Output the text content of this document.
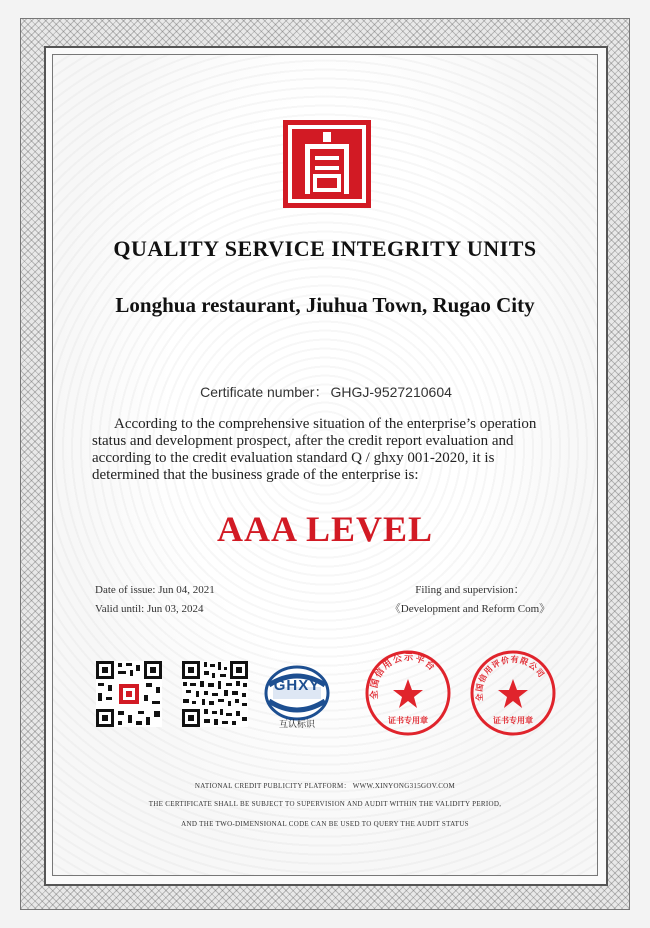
QUALITY SERVICE INTEGRITY UNITS
Longhua restaurant, Jiuhua Town, Rugao City
Certificate number： GHGJ-9527210604

According to the comprehensive situation of the enterprise’s operation status and development prospect, after the credit report evaluation and according to the credit evaluation standard Q / ghxy 001-2020, it is determined that the business grade of the enterprise is:

AAA LEVEL
Date of issue: Jun 04, 2021
Valid until: Jun 03, 2024
Filing and supervision：
《Development and Reform Com》
GHXY
互认标识
全国信用公示平台
证书专用章
全国信用评价有限公司
证书专用章
NATIONAL CREDIT PUBLICITY PLATFORM： WWW.XINYONG315GOV.COM
THE CERTIFICATE SHALL BE SUBJECT TO SUPERVISION AND AUDIT WITHIN THE VALIDITY PERIOD,
AND THE TWO-DIMENSIONAL CODE CAN BE USED TO QUERY THE AUDIT STATUS
